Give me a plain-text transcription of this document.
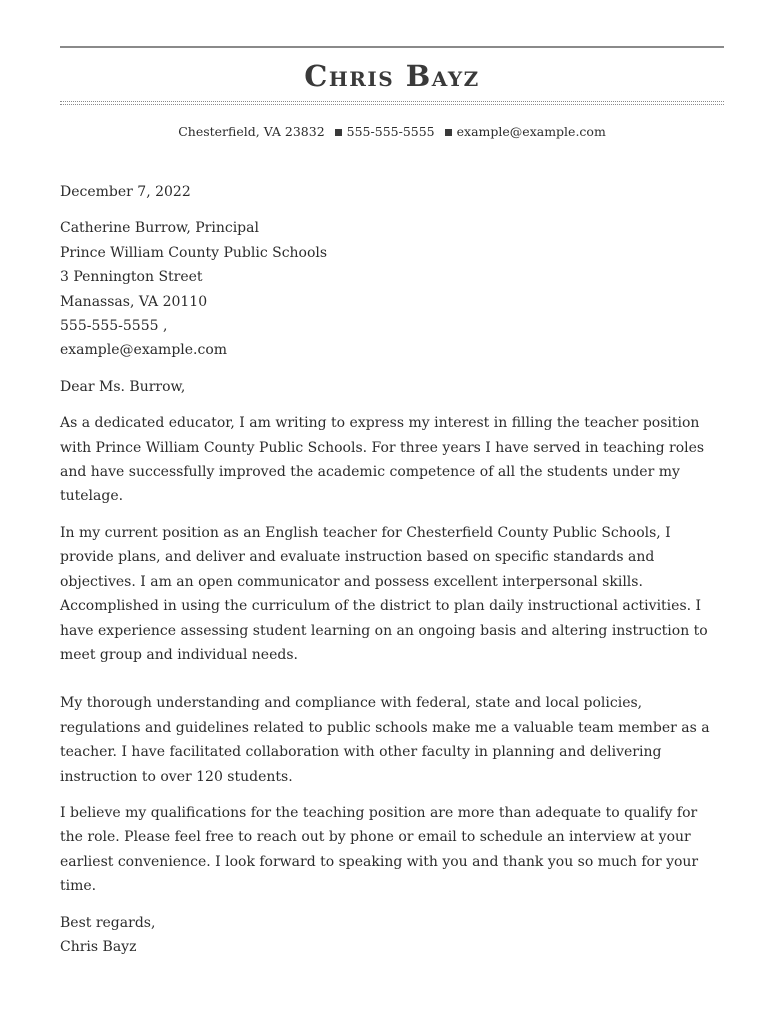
Chris Bayz
Chesterfield, VA 23832 555-555-5555 example@example.com

December 7, 2022

Catherine Burrow, Principal
Prince William County Public Schools
3 Pennington Street
Manassas, VA 20110
555-555-5555 ,
example@example.com

Dear Ms. Burrow,

As a dedicated educator, I am writing to express my interest in filling the teacher position with Prince William County Public Schools. For three years I have served in teaching roles and have successfully improved the academic competence of all the students under my tutelage.

In my current position as an English teacher for Chesterfield County Public Schools, I provide plans, and deliver and evaluate instruction based on specific standards and objectives. I am an open communicator and possess excellent interpersonal skills. Accomplished in using the curriculum of the district to plan daily instructional activities. I have experience assessing student learning on an ongoing basis and altering instruction to meet group and individual needs.

My thorough understanding and compliance with federal, state and local policies, regulations and guidelines related to public schools make me a valuable team member as a teacher. I have facilitated collaboration with other faculty in planning and delivering instruction to over 120 students.

I believe my qualifications for the teaching position are more than adequate to qualify for the role. Please feel free to reach out by phone or email to schedule an interview at your earliest convenience. I look forward to speaking with you and thank you so much for your time.

Best regards,
Chris Bayz
